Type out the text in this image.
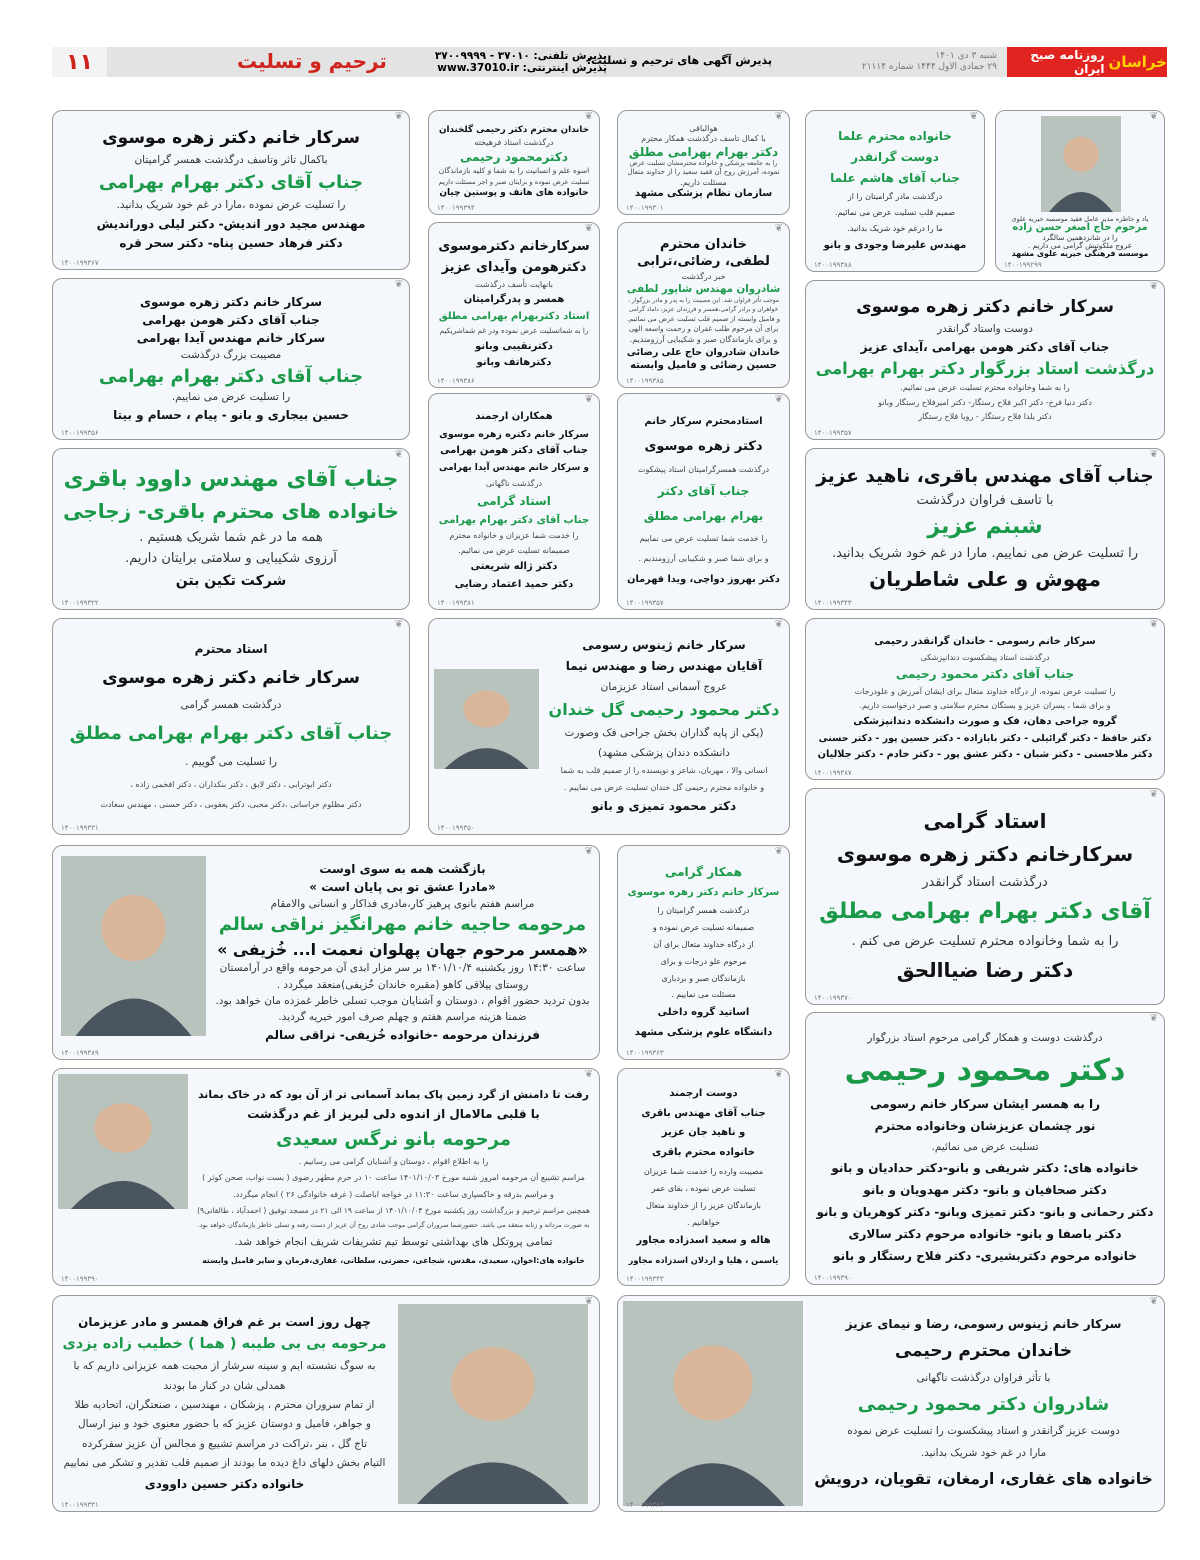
خراسان
روزنامه صبح ایران
شنبه ۳ دی ۱۴۰۱
۲۹ جمادی الاول ۱۴۴۴ شماره ۲۱۱۱۴
پذیرش آگهی های ترحیم و تسلیت:
پذیرش تلفنی: ۳۷۰۱۰ - ۳۷۰۰۹۹۹۹
پذیرش اینترنتی: www.37010.ir
ترحیم و تسلیت
۱۱
❦
یاد و خاطره مدیر عامل فقید موسسه خیریه علوی
مرحوم حاج اصغر حسن زاده
را در شانزدهمین سالگرد
عروج ملکوتیش گرامی می داریم .
موسسه فرهنگی خیریه علوی مشهد
۱۴۰۰۱۹۹۲۹۹
❦
خانواده محترم علما
دوست گرانقدر
جناب آقای هاشم علما
درگذشت مادر گرامیتان را از
صمیم قلب تسلیت عرض می نمائیم.
ما را درغم خود شریک بدانید.
مهندس علیرضا وجودی و بانو
۱۴۰۰۱۹۹۳۸۸
❦
هوالباقی
با کمال تاسف درگذشت همکار محترم
دکتر بهرام بهرامی مطلق
را به جامعه پزشکی و خانواده محترمشان تسلیت عرض
نموده، آمرزش روح آن فقید سعید را از خداوند متعال
مسئلت داریم.
سازمان نظام پزشکی مشهد
۱۴۰۰۱۹۹۳۰۱
❦
خاندان محترم دکتر رحیمی گلخندان
درگذشت استاد فرهیخته
دکترمحمود رحیمی
اسوه علم و انسانیت را به شما و کلیه بازماندگان
تسلیت عرض نموده و برایتان صبر و اجر مسئلت داریم
خانواده های هاتف و پوستین چیان
۱۴۰۰۱۹۹۳۹۴
❦
سرکار خانم دکتر زهره موسوی
باکمال تاثر وتاسف درگذشت همسر گرامیتان
جناب آقای دکتر بهرام بهرامی
را تسلیت عرض نموده ،مارا در غم خود شریک بدانید.
مهندس مجید دور اندیش- دکتر لیلی دوراندیش
دکتر فرهاد حسین پناه- دکتر سحر قره
۱۴۰۰۱۹۹۳۶۷
❦
خاندان محترم
لطفی، رضائی،ترابی
خبر درگذشت
شادروان مهندس شاپور لطفی
موجب تأثر فراوان شد. این مصیبت را به پدر و مادر بزرگوار ،
خواهران و برادر گرامی،همسر و فرزندان عزیز، داماد گرامی
و فامیل وابسته از صمیم قلب تسلیت عرض می نمائیم.
برای آن مرحوم طلب غفران و رحمت واسعه الهی
و برای بازماندگان صبر و شکیبایی آرزومندیم.
خاندان شادروان حاج علی رضائی
حسین رضائی و فامیل وابسته
۱۴۰۰۱۹۹۳۸۵
❦
سرکارخانم دکترموسوی
دکترهومن وآیدای عزیز
بانهایت تأسف درگذشت
همسر و پدرگرامیتان
استاد دکتربهرام بهرامی مطلق
را به شماتسلیت عرض نموده ودر غم شماشریکیم
دکترنقیبی وبانو
دکترهاتف وبانو
۱۴۰۰۱۹۹۳۸۶
❦
سرکار خانم دکتر زهره موسوی
جناب آقای دکتر هومن بهرامی
سرکار خانم مهندس آیدا بهرامی
مصیبت بزرگ درگذشت
جناب آقای دکتر بهرام بهرامی
را تسلیت عرض می نماییم.
حسین بیجاری و بانو - پیام ، حسام و بیتا
۱۴۰۰۱۹۹۳۵۶
❦
سرکار خانم دکتر زهره موسوی
دوست واستاد گرانقدر
جناب آقای دکتر هومن بهرامی ،آیدای عزیز
درگذشت استاد بزرگوار دکتر بهرام بهرامی
را به شما وخانواده محترم تسلیت عرض می نمائیم.
دکتر دنیا فرخ- دکتر اکبر فلاح رستگار- دکتر امیرفلاح رستگار وبانو
دکتر یلدا فلاح رستگار - رویا فلاح رستگار
۱۴۰۰۱۹۹۳۵۷
❦
استادمحترم سرکار خانم
دکتر زهره موسوی
درگذشت همسرگرامیتان استاد پیشکوت
جناب آقای دکتر
بهرام بهرامی مطلق
را خدمت شما تسلیت عرض می نماییم
و برای شما صبر و شکیبایی آرزومندیم .
دکتر بهروز دواچی، ویدا قهرمان
۱۴۰۰۱۹۹۳۵۷
❦
همکاران ارجمند
سرکار خانم دکتره زهره موسوی
جناب آقای دکتر هومن بهرامی
و سرکار خانم مهندس آیدا بهرامی
درگذشت ناگهانی
استاد گرامی
جناب آقای دکتر بهرام بهرامی
را خدمت شما عزیزان و خانواده محترم
صمیمانه تسلیت عرض می نمائیم.
دکتر ژاله شریعتی
دکتر حمید اعتماد رضایی
۱۴۰۰۱۹۹۳۸۱
❦
جناب آقای مهندس داوود باقری
خانواده های محترم باقری- زجاجی
همه ما در غم شما شریک هستیم .
آرزوی شکیبایی و سلامتی برایتان داریم.
شرکت تکین بتن
۱۴۰۰۱۹۹۳۲۲
❦
جناب آقای مهندس باقری، ناهید عزیز
با تاسف فراوان درگذشت
شبنم عزیز
را تسلیت عرض می نماییم. مارا در غم خود شریک بدانید.
مهوش و علی شاطریان
۱۴۰۰۱۹۹۳۴۳
❦
استاد محترم
سرکار خانم دکتر زهره موسوی
درگذشت همسر گرامی
جناب آقای دکتر بهرام بهرامی مطلق
را تسلیت می گوییم .
دکتر ابوترابی ، دکتر لایق ، دکتر بنکداران ، دکتر افخمی زاده ،
دکتر مظلوم خراسانی ،دکتر محبی، دکتر یعقوبی ، دکتر حسنی ، مهندس سعادت
۱۴۰۰۱۹۹۳۳۱
❦
سرکار خانم ژینوس رسومی
آقایان مهندس رضا و مهندس نیما
عروج آسمانی استاد عزیزمان
دکتر محمود رحیمی گل خندان
(یکی از پایه گذاران بخش جراحی فک وصورت
دانشکده دندان پزشکی مشهد)
انسانی والا ، مهربان، شاعر و نویسنده را از صمیم قلب به شما
و خانواده محترم رحیمی گل خندان تسلیت عرض می نماییم .
دکتر محمود تمیزی و بانو
۱۴۰۰۱۹۹۳۵۰
❦
سرکار خانم رسومی - خاندان گرانقدر رحیمی
درگذشت استاد پیشکسوت دندانپزشکی
جناب آقای دکتر محمود رحیمی
را تسلیت عرض نموده، از درگاه خداوند متعال برای ایشان آمرزش و علودرجات
و برای شما ، پسران عزیز و بستگان محترم سلامتی و صبر درخواست داریم.
گروه جراحی دهان، فک و صورت دانشکده دندانپزشکی
دکتر حافظ - دکتر گرائیلی - دکتر بابازاده - دکتر حسین پور - دکتر حسنی
دکتر ملاحسنی - دکتر شبان - دکتر عشق پور - دکتر خادم - دکتر جلالیان
۱۴۰۰۱۹۹۳۸۷
❦
استاد گرامی
سرکارخانم دکتر زهره موسوی
درگذشت استاد گرانقدر
آقای دکتر بهرام بهرامی مطلق
را به شما وخانواده محترم تسلیت عرض می کنم .
دکتر رضا ضیاالحق
۱۴۰۰۱۹۹۳۷۰
❦
بازگشت همه به سوی اوست
«مادرا عشق تو بی پایان است »
مراسم هفتم بانوی پرهیز کار،مادری فداکار و انسانی والامقام
مرحومه حاجیه خانم مهرانگیز نراقی سالم
«همسر مرحوم جهان پهلوان نعمت ا... خُزیفی »
ساعت ۱۴:۳۰ روز یکشنبه ۱۴۰۱/۱۰/۴ بر سر مزار ابدی آن مرحومه واقع در آرامستان
روستای ییلاقی کاهو (مقبره خاندان خُزیفی)منعقد میگردد .
بدون تردید حضور اقوام ، دوستان و آشنایان موجب تسلی خاطر غمزده مان خواهد بود.
ضمنا هزینه مراسم هفتم و چهلم صرف امور خیریه گردید.
فرزندان مرحومه -خانواده خُزیفی- نراقی سالم
۱۴۰۰۱۹۹۳۸۹
❦
همکار گرامی
سرکار خانم دکتر زهره موسوی
درگذشت همسر گرامیتان را
صمیمانه تسلیت عرض نموده و
از درگاه خداوند متعال برای آن
مرحوم علو درجات و برای
بازماندگان صبر و بردباری
مسئلت می نماییم .
اساتید گروه داخلی
دانشگاه علوم پزشکی مشهد
۱۴۰۰۱۹۹۳۶۳
❦
درگذشت دوست و همکار گرامی مرحوم استاد بزرگوار
دکتر محمود رحیمی
را به همسر ایشان سرکار خانم رسومی
نور چشمان عزیزشان وخانواده محترم
تسلیت عرض می نمائیم.
خانواده های: دکتر شریفی و بانو-دکتر حدادیان و بانو
دکتر صحافیان و بانو- دکتر مهدویان و بانو
دکتر رحمانی و بانو- دکتر تمیزی وبانو- دکتر کوهریان و بانو
دکتر باصفا و بانو- خانواده مرحوم دکتر سالاری
خانواده مرحوم دکتربشیری- دکتر فلاح رستگار و بانو
۱۴۰۰۱۹۹۳۹۰
❦
رفت تا دامنش از گرد زمین پاک بماند آسمانی تر از آن بود که در خاک بماند
با قلبی مالامال از اندوه دلی لبریز از غم درگذشت
مرحومه بانو نرگس سعیدی
را به اطلاع اقوام ، دوستان و آشنایان گرامی می رسانیم .
مراسم تشییع آن مرحومه امروز شنبه مورخ ۱۴۰۱/۱۰/۰۳ ساعت ۱۰ در حرم مطهر رضوی ( بست نواب، صحن کوثر )
و مراسم بدرقه و خاکسپاری ساعت ۱۱:۳۰ در خواجه اباصلت ( غرفه خانوادگی ۲۶ ) انجام میگردد.
همچنین مراسم ترحیم و بزرگداشت روز یکشنبه مورخ ۱۴۰۱/۱۰/۰۴ از ساعت ۱۹ الی ۲۱ در مسجد توفیق ( احمدآباد ، طالقانی۹)
به صورت مردانه و زنانه منعقد می باشد. حضورشما سروران گرامی موجب شادی روح آن عزیز از دست رفته و تسلی خاطر بازماندگان خواهد بود.
تمامی پروتکل های بهداشتی توسط تیم تشریفات شریف انجام خواهد شد.
خانواده های:اخوان، سعیدی، مقدس، شجاعی، حضرتی، سلطانی، غفاری،فرمان و سایر فامیل وابسته
۱۴۰۰۱۹۹۳۹۰
❦
دوست ارجمند
جناب آقای مهندس باقری
و ناهید جان عزیز
خانواده محترم باقری
مصیبت وارده را خدمت شما عزیزان
تسلیت عرض نموده ، بقای عمر
بازماندگان عزیز را از خداوند متعال
خواهانیم .
هاله و سعید اسدزاده مجاور
یاسمن ، هلیا و اردلان اسدزاده مجاور
۱۴۰۰۱۹۹۳۴۳
❦
چهل روز است بر غم فراق همسر و مادر عزیزمان
مرحومه بی بی طیبه ( هما ) خطیب زاده یزدی
به سوگ نشسته ایم و سینه سرشار از محبت همه عزیزانی داریم که با
همدلی شان در کنار ما بودند
از تمام سروران محترم ، پزشکان ، مهندسین ، صنعتگران، اتحادیه طلا
و جواهر، فامیل و دوستان عزیز که با حضور معنوی خود و نیز ارسال
تاج گل ، بنر ،تراکت در مراسم تشییع و مجالس آن عزیز سفرکرده
التیام بخش دلهای داغ دیده ما بودند از صمیم قلب تقدیر و تشکر می نماییم
خانواده دکتر حسین داوودی
۱۴۰۰۱۹۹۳۳۱
❦
سرکار خانم ژینوس رسومی، رضا و نیمای عزیز
خاندان محترم رحیمی
با تأثر فراوان درگذشت ناگهانی
شادروان دکتر محمود رحیمی
دوست عزیز گرانقدر و استاد پیشکسوت را تسلیت عرض نموده
مارا در غم خود شریک بدانید.
خانواده های غفاری، ارمغان، تقویان، درویش
۱۴۰۰۱۹۹۳۸۴
